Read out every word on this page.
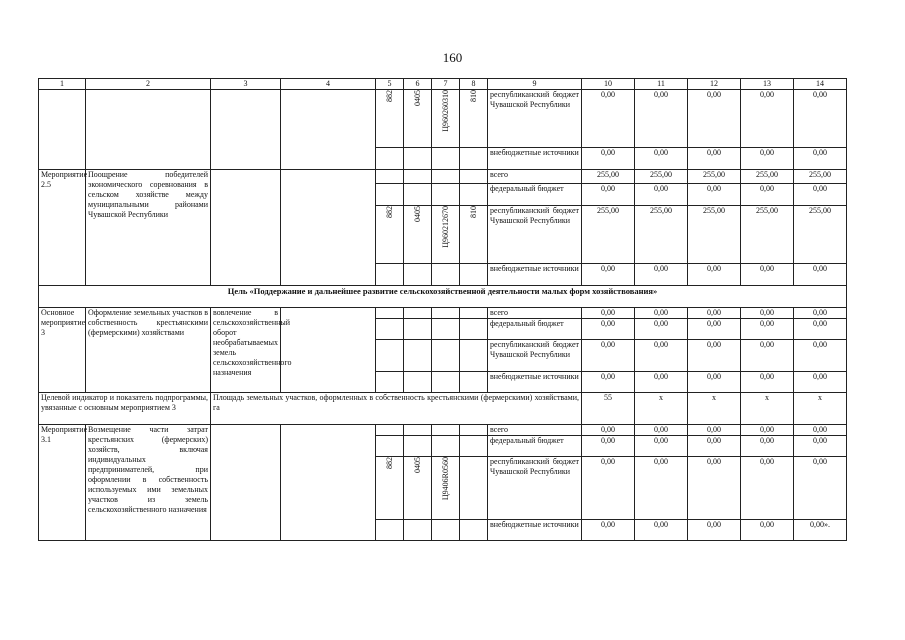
160
1	2	3	4	5	6	7	8	9	10	11	12	13	14
				882	0405	Ц960260310	810	республиканский бюджет Чувашской Республики	0,00	0,00	0,00	0,00	0,00
								внебюджетные источники	0,00	0,00	0,00	0,00	0,00
Мероприятие 2.5	Поощрение победителей экономического соревнования в сельском хозяйстве между муниципальными районами Чувашской Республики							всего	255,00	255,00	255,00	255,00	255,00
								федеральный бюджет	0,00	0,00	0,00	0,00	0,00
				882	0405	Ц960212670	810	республиканский бюджет Чувашской Республики	255,00	255,00	255,00	255,00	255,00
								внебюджетные источники	0,00	0,00	0,00	0,00	0,00
Цель «Поддержание и дальнейшее развитие сельскохозяйственной деятельности малых форм хозяйствования»													
Основное мероприятие 3	Оформление земельных участков в собственность крестьянскими (фермерскими) хозяйствами	вовлечение в сельскохозяйственный оборот необрабатываемых земель сельскохозяйственного назначения						всего	0,00	0,00	0,00	0,00	0,00
								федеральный бюджет	0,00	0,00	0,00	0,00	0,00
								республиканский бюджет Чувашской Республики	0,00	0,00	0,00	0,00	0,00
								внебюджетные источники	0,00	0,00	0,00	0,00	0,00
Целевой индикатор и показатель подпрограммы, увязанные с основным мероприятием 3		Площадь земельных участков, оформленных в собственность крестьянскими (фермерскими) хозяйствами, га							55	х	х	х	х
Мероприятие 3.1	Возмещение части затрат крестьянских (фермерских) хозяйств, включая индивидуальных предпринимателей, при оформлении в собственность используемых ими земельных участков из земель сельскохозяйственного назначения							всего	0,00	0,00	0,00	0,00	0,00
								федеральный бюджет	0,00	0,00	0,00	0,00	0,00
				882	0405	Ц9406R0560		республиканский бюджет Чувашской Республики	0,00	0,00	0,00	0,00	0,00
								внебюджетные источники	0,00	0,00	0,00	0,00	0,00».
